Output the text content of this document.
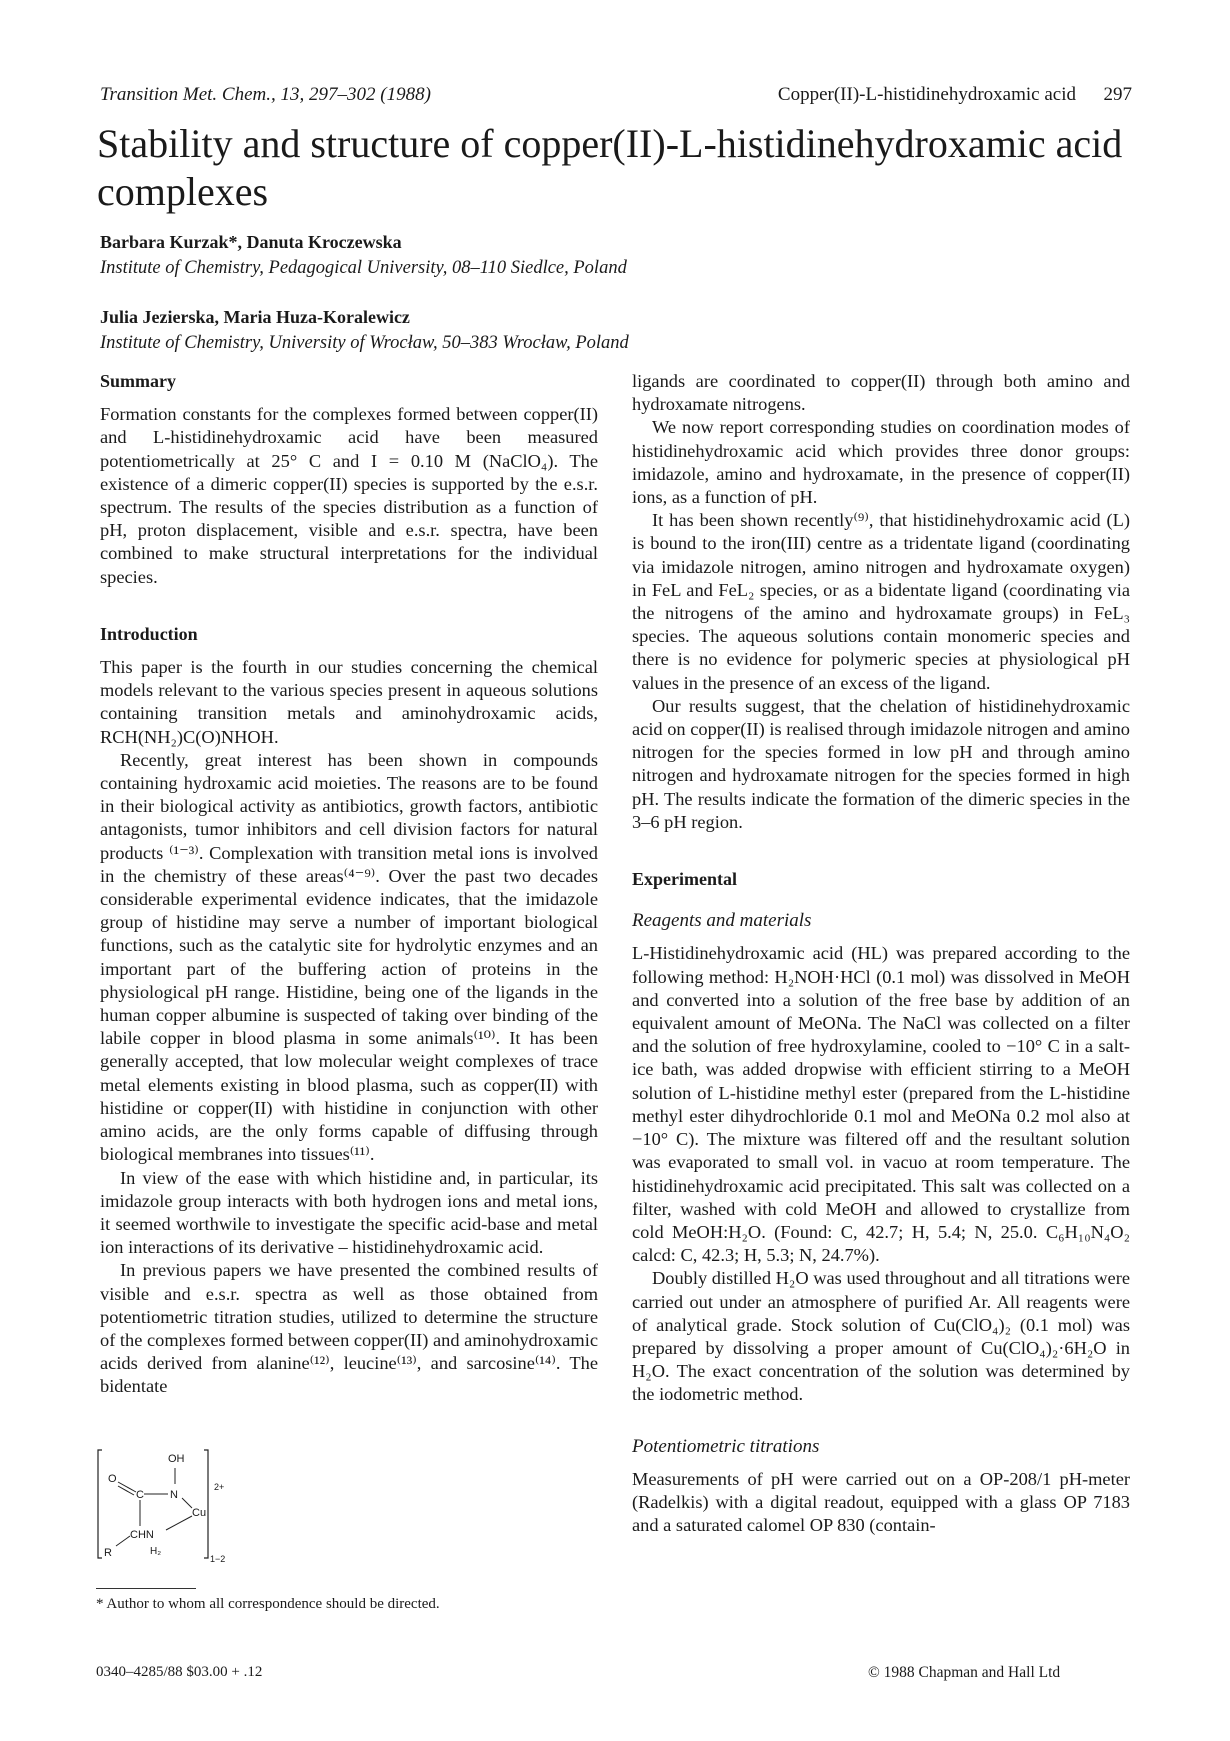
Transition Met. Chem., 13, 297–302 (1988)	Copper(II)-L-histidinehydroxamic acid 297
Stability and structure of copper(II)-L-histidinehydroxamic acid complexes
Barbara Kurzak*, Danuta Kroczewska
Institute of Chemistry, Pedagogical University, 08–110 Siedlce, Poland
Julia Jezierska, Maria Huza-Koralewicz
Institute of Chemistry, University of Wrocław, 50–383 Wrocław, Poland
Summary

Formation constants for the complexes formed between copper(II) and L-histidinehydroxamic acid have been measured potentiometrically at 25° C and I = 0.10 M (NaClO₄). The existence of a dimeric copper(II) species is supported by the e.s.r. spectrum. The results of the species distribution as a function of pH, proton displacement, visible and e.s.r. spectra, have been combined to make structural interpretations for the individual species.

Introduction

This paper is the fourth in our studies concerning the chemical models relevant to the various species present in aqueous solutions containing transition metals and aminohydroxamic acids, RCH(NH₂)C(O)NHOH.

Recently, great interest has been shown in compounds containing hydroxamic acid moieties. The reasons are to be found in their biological activity as antibiotics, growth factors, antibiotic antagonists, tumor inhibitors and cell division factors for natural products ⁽¹⁻³⁾. Complexation with transition metal ions is involved in the chemistry of these areas⁽⁴⁻⁹⁾. Over the past two decades considerable experimental evidence indicates, that the imidazole group of histidine may serve a number of important biological functions, such as the catalytic site for hydrolytic enzymes and an important part of the buffering action of proteins in the physiological pH range. Histidine, being one of the ligands in the human copper albumine is suspected of taking over binding of the labile copper in blood plasma in some animals⁽¹⁰⁾. It has been generally accepted, that low molecular weight complexes of trace metal elements existing in blood plasma, such as copper(II) with histidine or copper(II) with histidine in conjunction with other amino acids, are the only forms capable of diffusing through biological membranes into tissues⁽¹¹⁾.

In view of the ease with which histidine and, in particular, its imidazole group interacts with both hydrogen ions and metal ions, it seemed worthwile to investigate the specific acid-base and metal ion interactions of its derivative – histidinehydroxamic acid.

In previous papers we have presented the combined results of visible and e.s.r. spectra as well as those obtained from potentiometric titration studies, utilized to determine the structure of the complexes formed between copper(II) and aminohydroxamic acids derived from alanine⁽¹²⁾, leucine⁽¹³⁾, and sarcosine⁽¹⁴⁾. The bidentate

ligands are coordinated to copper(II) through both amino and hydroxamate nitrogens.

We now report corresponding studies on coordination modes of histidinehydroxamic acid which provides three donor groups: imidazole, amino and hydroxamate, in the presence of copper(II) ions, as a function of pH.

It has been shown recently⁽⁹⁾, that histidinehydroxamic acid (L) is bound to the iron(III) centre as a tridentate ligand (coordinating via imidazole nitrogen, amino nitrogen and hydroxamate oxygen) in FeL and FeL₂ species, or as a bidentate ligand (coordinating via the nitrogens of the amino and hydroxamate groups) in FeL₃ species. The aqueous solutions contain monomeric species and there is no evidence for polymeric species at physiological pH values in the presence of an excess of the ligand.

Our results suggest, that the chelation of histidinehydroxamic acid on copper(II) is realised through imidazole nitrogen and amino nitrogen for the species formed in low pH and through amino nitrogen and hydroxamate nitrogen for the species formed in high pH. The results indicate the formation of the dimeric species in the 3–6 pH region.

Experimental
Reagents and materials

L-Histidinehydroxamic acid (HL) was prepared according to the following method: H₂NOH·HCl (0.1 mol) was dissolved in MeOH and converted into a solution of the free base by addition of an equivalent amount of MeONa. The NaCl was collected on a filter and the solution of free hydroxylamine, cooled to −10° C in a salt-ice bath, was added dropwise with efficient stirring to a MeOH solution of L-histidine methyl ester (prepared from the L-histidine methyl ester dihydrochloride 0.1 mol and MeONa 0.2 mol also at −10° C). The mixture was filtered off and the resultant solution was evaporated to small vol. in vacuo at room temperature. The histidinehydroxamic acid precipitated. This salt was collected on a filter, washed with cold MeOH and allowed to crystallize from cold MeOH:H₂O. (Found: C, 42.7; H, 5.4; N, 25.0. C₆H₁₀N₄O₂ calcd: C, 42.3; H, 5.3; N, 24.7%).

Doubly distilled H₂O was used throughout and all titrations were carried out under an atmosphere of purified Ar. All reagents were of analytical grade. Stock solution of Cu(ClO₄)₂ (0.1 mol) was prepared by dissolving a proper amount of Cu(ClO₄)₂·6H₂O in H₂O. The exact concentration of the solution was determined by the iodometric method.

Potentiometric titrations

Measurements of pH were carried out on a OP-208/1 pH-meter (Radelkis) with a digital readout, equipped with a glass OP 7183 and a saturated calomel OP 830 (contain-

O
OH
C N
Cu
2+
CHN
R	H₂
1−2
* Author to whom all correspondence should be directed.
0340–4285/88 $03.00 + .12	© 1988 Chapman and Hall Ltd
